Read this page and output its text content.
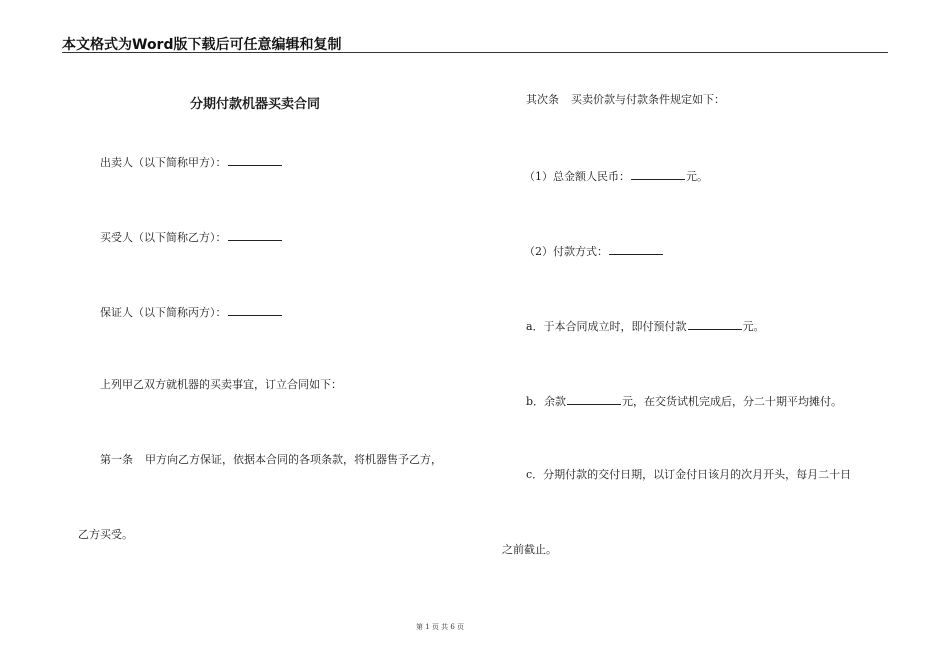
本文格式为Word版下载后可任意编辑和复制
分期付款机器买卖合同
出卖人（以下简称甲方）：
买受人（以下简称乙方）：
保证人（以下简称丙方）：
上列甲乙双方就机器的买卖事宜，订立合同如下：
第一条 甲方向乙方保证，依据本合同的各项条款，将机器售予乙方，
乙方买受。
其次条 买卖价款与付款条件规定如下：
（1）总金额人民币：	元。
（2）付款方式：
a．于本合同成立时，即付预付款	元。
b．余款	元，在交货试机完成后，分二十期平均摊付。
c．分期付款的交付日期，以订金付日该月的次月开头，每月二十日
之前截止。
第 1 页 共 6 页
